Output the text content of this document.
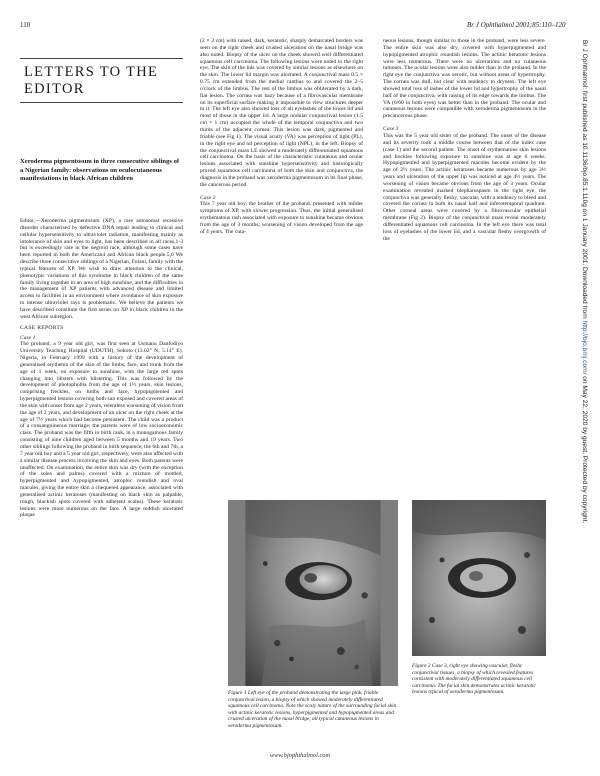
110	Br J Ophthalmol 2001;85:110–120
LETTERS TO THE EDITOR
Xeroderma pigmentosum in three consecutive siblings of a Nigerian family: observations on oculocutaneous manifestations in black African children

Editor,—Xeroderma pigmentosum (XP), a rare autosomal recessive disorder characterised by defective DNA repair leading to clinical and cellular hypersensitivity to ultraviolet radiation, manifesting mainly as intolerance of skin and eyes to light, has been described in all races,1-3 but is exceedingly rare in the negroid race, although some cases have been reported in both the American4 and African black people.5,6 We describe three consecutive siblings of a Nigerian, Fulani, family with the typical features of XP. We wish to draw attention to the clinical, phenotypic variations of this syndrome in black children of the same family living together in an area of high sunshine, and the difficulties in the management of XP patients with advanced disease and limited access to facilities in an environment where avoidance of skin exposure to intense ultraviolet rays is problematic. We believe the patients we have described constitute the first series on XP in black children in the west African subregion.

CASE REPORTS
Case 1

The proband, a 9 year old girl, was first seen at Usmanu Danfodiyo University Teaching Hospital (UDUTH), Sokoto (13.02° N, 5.14° E), Nigeria, in February 1999 with a history of the development of generalised erythema of the skin of the limbs, face, and trunk from the age of 1 week, on exposure to sunshine, with the large red spots changing into blisters with blistering. This was followed by the development of photophobia from the age of 1½ years, skin lesions, comprising freckles, on limbs and face, hypopigmented and hyperpigmented lesions covering both sun exposed and covered areas of the skin with onset from age 2 years, relentless worsening of vision from the age of 2 years, and development of an ulcer on the right cheek at the age of 7½ years which had become persistent. The child was a product of a consanguineous marriage; the parents were of low socioeconomic class. The proband was the fifth in birth rank, in a monogamous family consisting of nine children aged between 5 months and 19 years. Two other siblings following the proband in birth sequence, the 6th and 7th, a 7 year old boy and a 5 year old girl, respectively, were also affected with a similar disease process involving the skin and eyes. Both parents were unaffected. On examination, the entire skin was dry (with the exception of the soles and palms) covered with a mixture of mottled, hyperpigmented and hypopigmented, atrophic roundish and oval macules, giving the entire skin a chequered appearance, associated with generalised actinic keratoses (manifesting on black skin as palpable, rough, blackish spots covered with adherent scales). These keratotic lesions were more numerous on the face. A large reddish ulcerated plaque

(2 × 2 cm) with raised, dark, keratotic, sharply demarcated borders was seen on the right cheek and crusted ulceration on the nasal bridge was also noted. Biopsy of the ulcer on the cheek showed well differentiated squamous cell carcinoma. The following lesions were noted in the right eye. The skin of the lids was covered by similar lesions as elsewhere on the skin. The lower lid margin was ulcerated. A conjunctival mass 0.5 × 0.75 cm extended from the medial canthus to and covered the 2–5 o'clock of the limbus. The rest of the limbus was obliterated by a dark, flat lesion. The cornea was hazy because of a fibrovascular membrane on its superficial surface making it impossible to view structures deeper to it. The left eye also showed loss of all eyelashes of the lower lid and most of those in the upper lid. A large nodular conjunctival lesion (1.5 cm × 1 cm) occupied the whole of the temporal conjunctiva and two thirds of the adjacent cornea. This lesion was dark, pigmented and friable (see Fig 1). The visual acuity (VA) was perception of light (PL), in the right eye and nil perception of light (NPL), in the left. Biopsy of the conjunctival mass LE showed a moderately differentiated squamous cell carcinoma. On the basis of the characteristic cutaneous and ocular lesions associated with sunshine hypersensitivity and histologically proved squamous cell carcinoma of both the skin and conjunctiva, the diagnosis in the proband was xeroderma pigmentosum in its final phase, the cancerous period.

Case 2

This 7 year old boy, the brother of the proband, presented with milder symptoms of XP, with slower progression. Thus, the initial generalised erythematous rash associated with exposure to sunshine became obvious from the age of 3 months; worsening of vision developed from the age of 4 years. The cuta-

neous lesions, though similar to those in the proband, were less severe. The entire skin was also dry, covered with hyperpigmented and hypopigmented atrophic roundish lesions. The actinic keratotic lesions were less numerous. There were no ulcerations and no cutaneous tumours. The ocular lesions were also milder than in the proband. In the right eye the conjunctiva was xerotic, but without areas of hypertrophy. The cornea was dull, but clear with tendency to dryness. The left eye showed total loss of lashes of the lower lid and hypertrophy of the nasal half of the conjunctiva, with raising of its edge towards the limbus. The VA (6/60 in both eyes) was better than in the proband. The ocular and cutaneous lesions were compatible with xeroderma pigmentosum in the precancerous phase.

Case 3

This was the 5 year old sister of the proband. The onset of the disease and its severity took a middle course between that of the index case (case 1) and the second patient. The onset of erythematous skin lesions and freckles following exposure to sunshine was at age 6 weeks. Hypopigmented and hyperpigmented macules become evident by the age of 2½ years. The actinic keratoses became numerous by age 3½ years and ulceration of the upper lip was noticed at age 4½ years. The worsening of vision became obvious from the age of 3 years. Ocular examination revealed marked blepharospasm in the right eye, the conjunctiva was generally fleshy, vascular, with a tendency to bleed and covered the cornea in both its nasal half and inferotemporal quadrant. Other corneal areas were covered by a fibrovascular epithelial membrane (Fig 2). Biopsy of the conjunctival mass reveal moderately differentiated squamous cell carcinoma. In the left eye there was total loss of eyelashes of the lower lid, and a vascular fleshy overgrowth of the

Figure 1 Left eye of the proband demonstrating the large pink, friable conjunctival lesion, a biopsy of which showed moderately differentiated squamous cell carcinoma. Note the scaly nature of the surrounding facial skin with actinic keratotic lesions, hyperpigmented and hypopigmented areas and crusted ulceration of the nasal bridge, all typical cutaneous lesions in xeroderma pigmentosum.
Figure 2 Case 3, right eye showing vascular, fleshy conjunctival tissues, a biopsy of which revealed features consistent with moderately differentiated squamous cell carcinoma. The facial skin demonstrates actinic keratotic lesions typical of xeroderma pigmentosum.
www.bjophthalmol.com
Br J Ophthalmol: first published as 10.1136/bjo.85.1.110g on 1 January 2001. Downloaded from http://bjo.bmj.com/ on May 22, 2020 by guest. Protected by copyright.
